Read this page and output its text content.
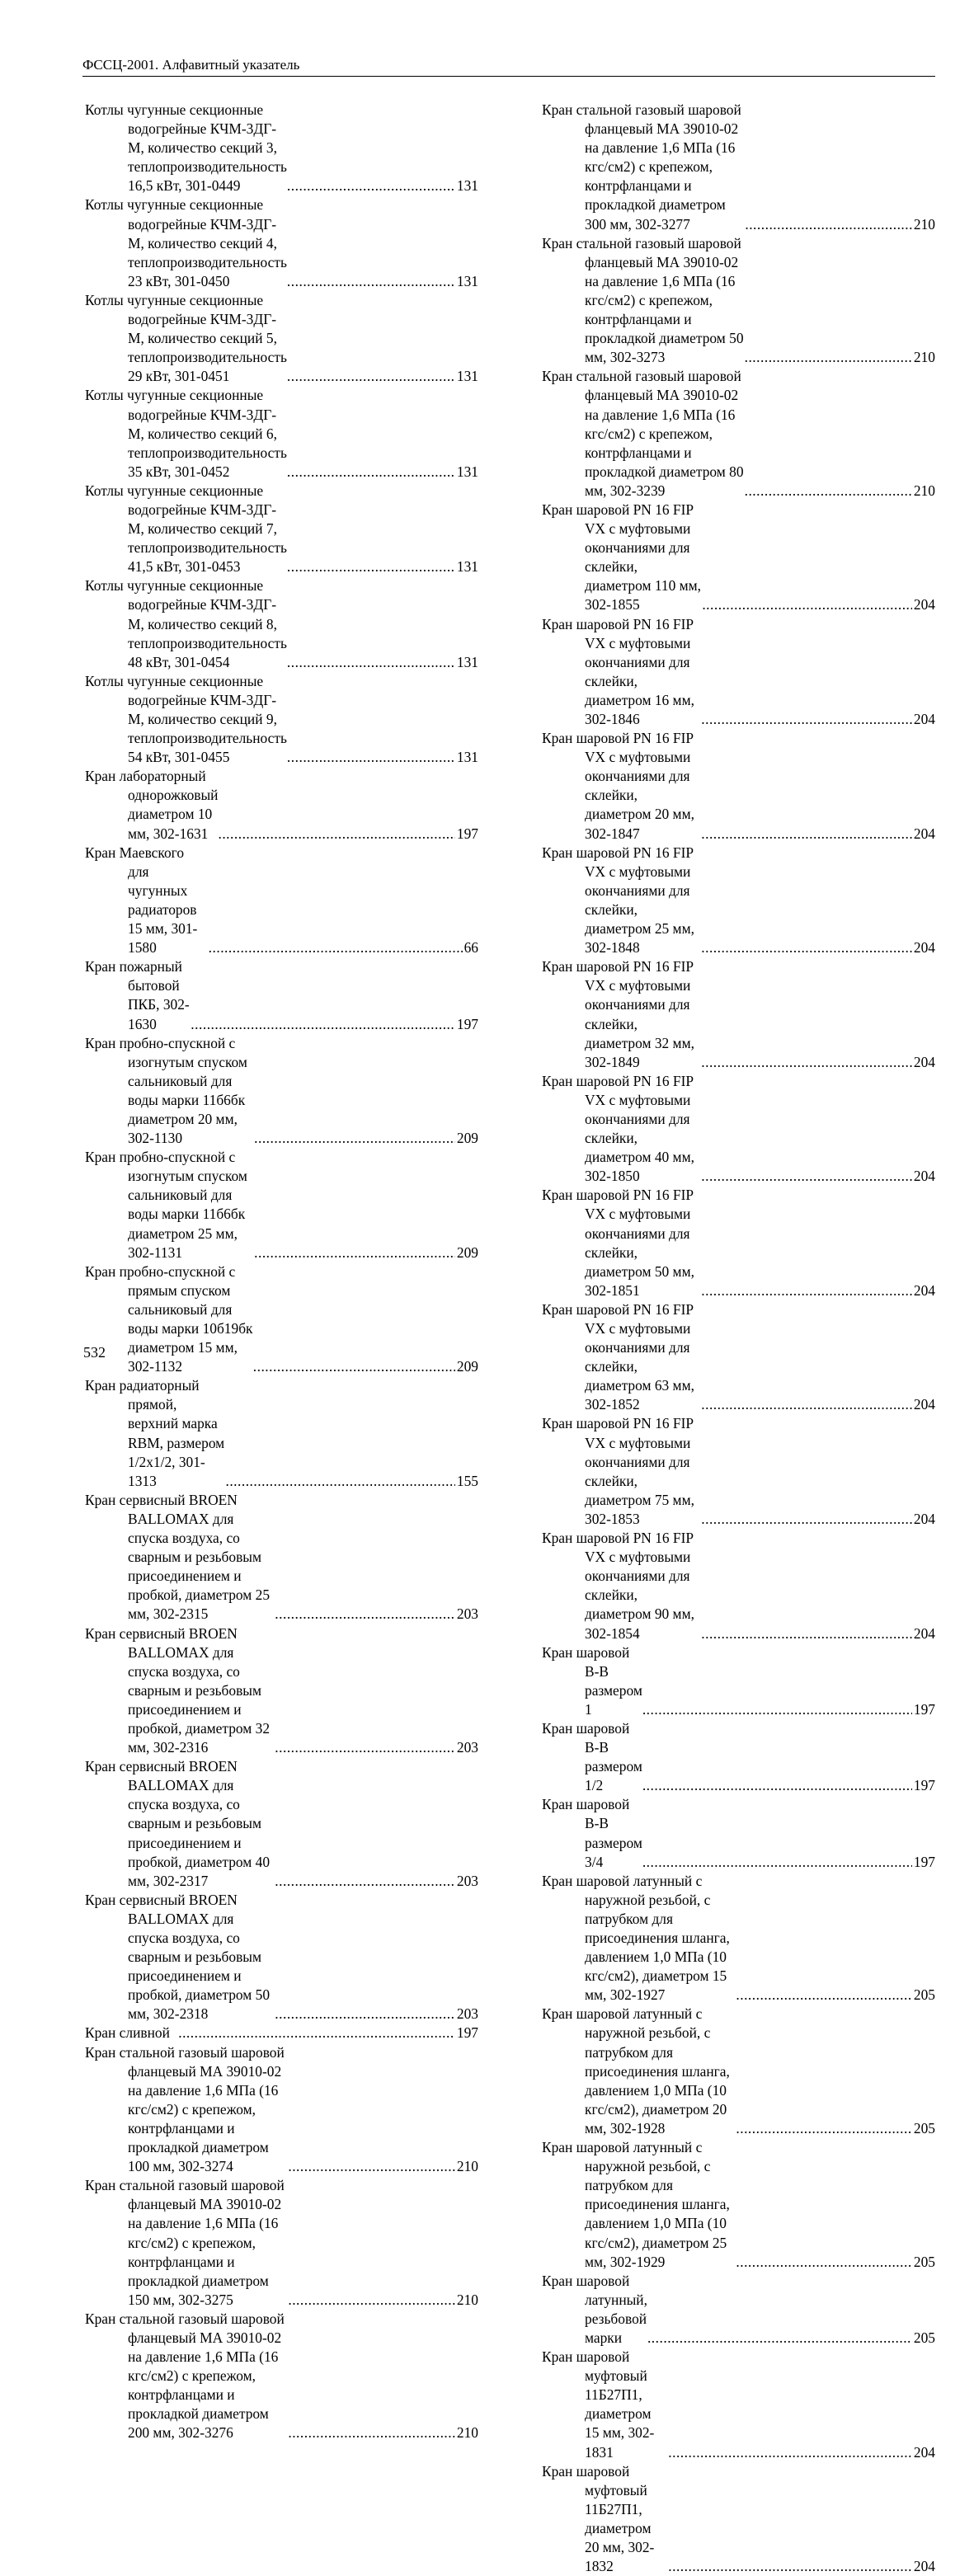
ФССЦ-2001. Алфавитный указатель
Котлы чугунные секционные водогрейные КЧМ-3ДГ-М, количество секций 3, теплопроизводительность 16,5 кВт, 301-0449 .....	131
Котлы чугунные секционные водогрейные КЧМ-3ДГ-М, количество секций 4, теплопроизводительность 23 кВт, 301-0450 .....	131
Котлы чугунные секционные водогрейные КЧМ-3ДГ-М, количество секций 5, теплопроизводительность 29 кВт, 301-0451 .....	131
Котлы чугунные секционные водогрейные КЧМ-3ДГ-М, количество секций 6, теплопроизводительность 35 кВт, 301-0452 .....	131
Котлы чугунные секционные водогрейные КЧМ-3ДГ-М, количество секций 7, теплопроизводительность 41,5 кВт, 301-0453 .....	131
Котлы чугунные секционные водогрейные КЧМ-3ДГ-М, количество секций 8, теплопроизводительность 48 кВт, 301-0454 .....	131
Котлы чугунные секционные водогрейные КЧМ-3ДГ-М, количество секций 9, теплопроизводительность 54 кВт, 301-0455 .....	131
Кран лабораторный однорожковый диаметром 10 мм, 302-1631 .....	197
Кран Маевского для чугунных радиаторов 15 мм, 301-1580 .....	66
Кран пожарный бытовой ПКБ, 302-1630 .....	197
Кран пробно-спускной с изогнутым спуском сальниковый для воды марки 11б6бк диаметром 20 мм, 302-1130 .....	209
Кран пробно-спускной с изогнутым спуском сальниковый для воды марки 11б6бк диаметром 25 мм, 302-1131 .....	209
Кран пробно-спускной с прямым спуском сальниковый для воды марки 10б19бк диаметром 15 мм, 302-1132 .....	209
Кран радиаторный прямой, верхний марка RBM, размером 1/2x1/2, 301-1313 .....	155
Кран сервисный BROEN BALLOMAX для спуска воздуха, со сварным и резьбовым присоединением и пробкой, диаметром 25 мм, 302-2315 .....	203
Кран сервисный BROEN BALLOMAX для спуска воздуха, со сварным и резьбовым присоединением и пробкой, диаметром 32 мм, 302-2316 .....	203
Кран сервисный BROEN BALLOMAX для спуска воздуха, со сварным и резьбовым присоединением и пробкой, диаметром 40 мм, 302-2317 .....	203
Кран сервисный BROEN BALLOMAX для спуска воздуха, со сварным и резьбовым присоединением и пробкой, диаметром 50 мм, 302-2318 .....	203
Кран сливной .....	197
Кран стальной газовый шаровой фланцевый МА 39010-02 на давление 1,6 МПа (16 кгс/см2) с крепежом, контрфланцами и прокладкой диаметром 100 мм, 302-3274 .....	210
Кран стальной газовый шаровой фланцевый МА 39010-02 на давление 1,6 МПа (16 кгс/см2) с крепежом, контрфланцами и прокладкой диаметром 150 мм, 302-3275 .....	210
Кран стальной газовый шаровой фланцевый МА 39010-02 на давление 1,6 МПа (16 кгс/см2) с крепежом, контрфланцами и прокладкой диаметром 200 мм, 302-3276 .....	210
Кран стальной газовый шаровой фланцевый МА 39010-02 на давление 1,6 МПа (16 кгс/см2) с крепежом, контрфланцами и прокладкой диаметром 300 мм, 302-3277 .....	210
Кран стальной газовый шаровой фланцевый МА 39010-02 на давление 1,6 МПа (16 кгс/см2) с крепежом, контрфланцами и прокладкой диаметром 50 мм, 302-3273 .....	210
Кран стальной газовый шаровой фланцевый МА 39010-02 на давление 1,6 МПа (16 кгс/см2) с крепежом, контрфланцами и прокладкой диаметром 80 мм, 302-3239 .....	210
Кран шаровой PN 16 FIP VX с муфтовыми окончаниями для склейки, диаметром 110 мм, 302-1855 .....	204
Кран шаровой PN 16 FIP VX с муфтовыми окончаниями для склейки, диаметром 16 мм, 302-1846 .....	204
Кран шаровой PN 16 FIP VX с муфтовыми окончаниями для склейки, диаметром 20 мм, 302-1847 .....	204
Кран шаровой PN 16 FIP VX с муфтовыми окончаниями для склейки, диаметром 25 мм, 302-1848 .....	204
Кран шаровой PN 16 FIP VX с муфтовыми окончаниями для склейки, диаметром 32 мм, 302-1849 .....	204
Кран шаровой PN 16 FIP VX с муфтовыми окончаниями для склейки, диаметром 40 мм, 302-1850 .....	204
Кран шаровой PN 16 FIP VX с муфтовыми окончаниями для склейки, диаметром 50 мм, 302-1851 .....	204
Кран шаровой PN 16 FIP VX с муфтовыми окончаниями для склейки, диаметром 63 мм, 302-1852 .....	204
Кран шаровой PN 16 FIP VX с муфтовыми окончаниями для склейки, диаметром 75 мм, 302-1853 .....	204
Кран шаровой PN 16 FIP VX с муфтовыми окончаниями для склейки, диаметром 90 мм, 302-1854 .....	204
Кран шаровой В-В размером 1 .....	197
Кран шаровой В-В размером 1/2 .....	197
Кран шаровой В-В размером 3/4 .....	197
Кран шаровой латунный с наружной резьбой, с патрубком для присоединения шланга, давлением 1,0 МПа (10 кгс/см2), диаметром 15 мм, 302-1927 .....	205
Кран шаровой латунный с наружной резьбой, с патрубком для присоединения шланга, давлением 1,0 МПа (10 кгс/см2), диаметром 20 мм, 302-1928 .....	205
Кран шаровой латунный с наружной резьбой, с патрубком для присоединения шланга, давлением 1,0 МПа (10 кгс/см2), диаметром 25 мм, 302-1929 .....	205
Кран шаровой латунный, резьбовой марки .....	205
Кран шаровой муфтовый 11Б27П1, диаметром 15 мм, 302-1831 .....	204
Кран шаровой муфтовый 11Б27П1, диаметром 20 мм, 302-1832 .....	204
532
